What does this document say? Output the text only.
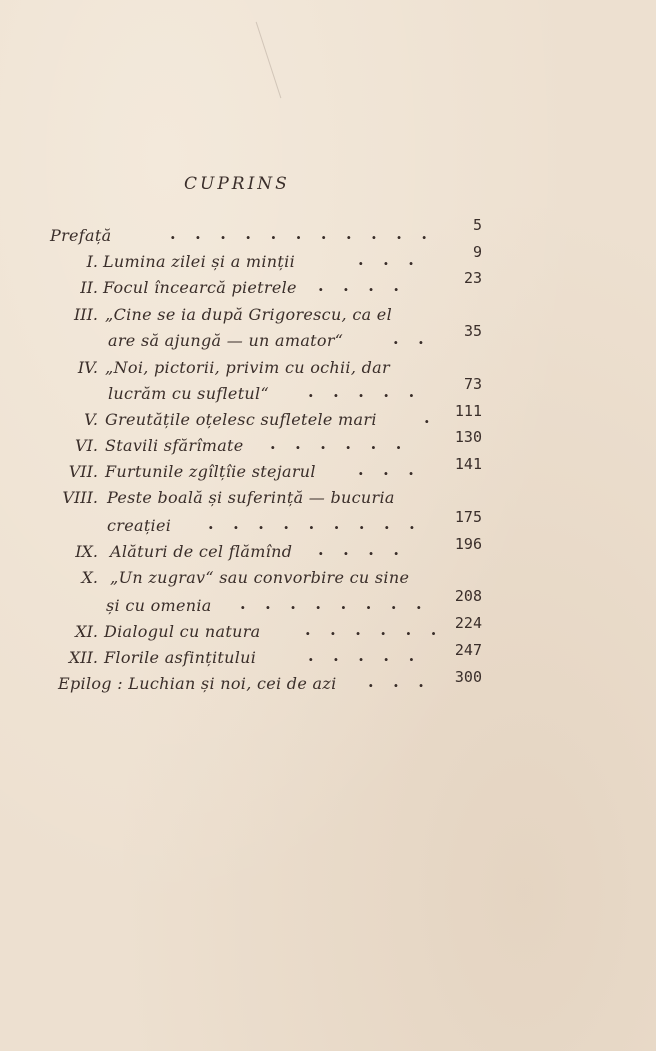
CUPRINS
Prefață	. . . . . . . . . . .	5
I. Lumina zilei și a minții	. . .	9
II. Focul încearcă pietrele . . . .	23
III. „Cine se ia după Grigorescu, ca el
are să ajungă — un amator“	. .	35
IV. „Noi, pictorii, privim cu ochii, dar
lucrăm cu sufletul“ . . . . .	73
V. Greutățile oțelesc sufletele mari	.	111
VI. Stavili sfărîmate . . . . . .	130
VII. Furtunile zgîlțîie stejarul	. . .	141
VIII. Peste boală și suferință — bucuria
creației . . . . . . . . .	175
IX. Alături de cel flămînd . . . .	196
X. „Un zugrav“ sau convorbire cu sine
și cu omenia . . . . . . . .	208
XI. Dialogul cu natura	. . . . . . 224
XII. Florile asfințitului	. . . . .	247
Epilog : Luchian și noi, cei de azi . . .	300
